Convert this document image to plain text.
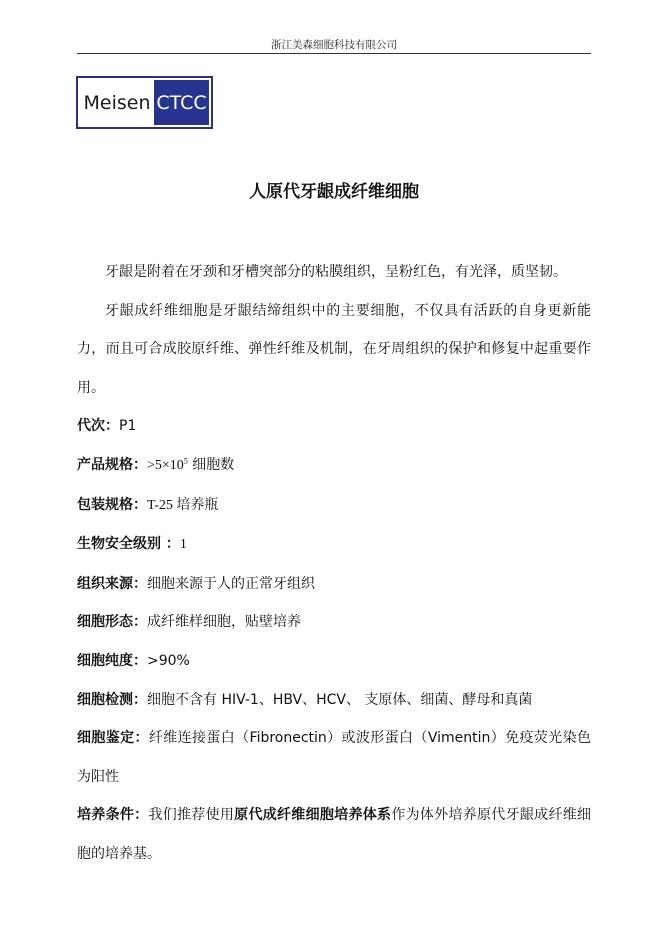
浙江美森细胞科技有限公司
Meisen CTCC
人原代牙龈成纤维细胞

牙龈是附着在牙颈和牙槽突部分的粘膜组织，呈粉红色，有光泽，质坚韧。

牙龈成纤维细胞是牙龈结缔组织中的主要细胞，不仅具有活跃的自身更新能力，而且可合成胶原纤维、弹性纤维及机制，在牙周组织的保护和修复中起重要作用。

代次：P1

产品规格：$>5\times 10^5$ 细胞数

包装规格：T-25 培养瓶

生物安全级别 ：1

组织来源：细胞来源于人的正常牙组织

细胞形态：成纤维样细胞，贴壁培养

细胞纯度：>90%

细胞检测：细胞不含有 HIV-1、HBV、HCV、 支原体、细菌、酵母和真菌

细胞鉴定：纤维连接蛋白（Fibronectin）或波形蛋白（Vimentin）免疫荧光染色为阳性

培养条件：我们推荐使用原代成纤维细胞培养体系作为体外培养原代牙龈成纤维细胞的培养基。
